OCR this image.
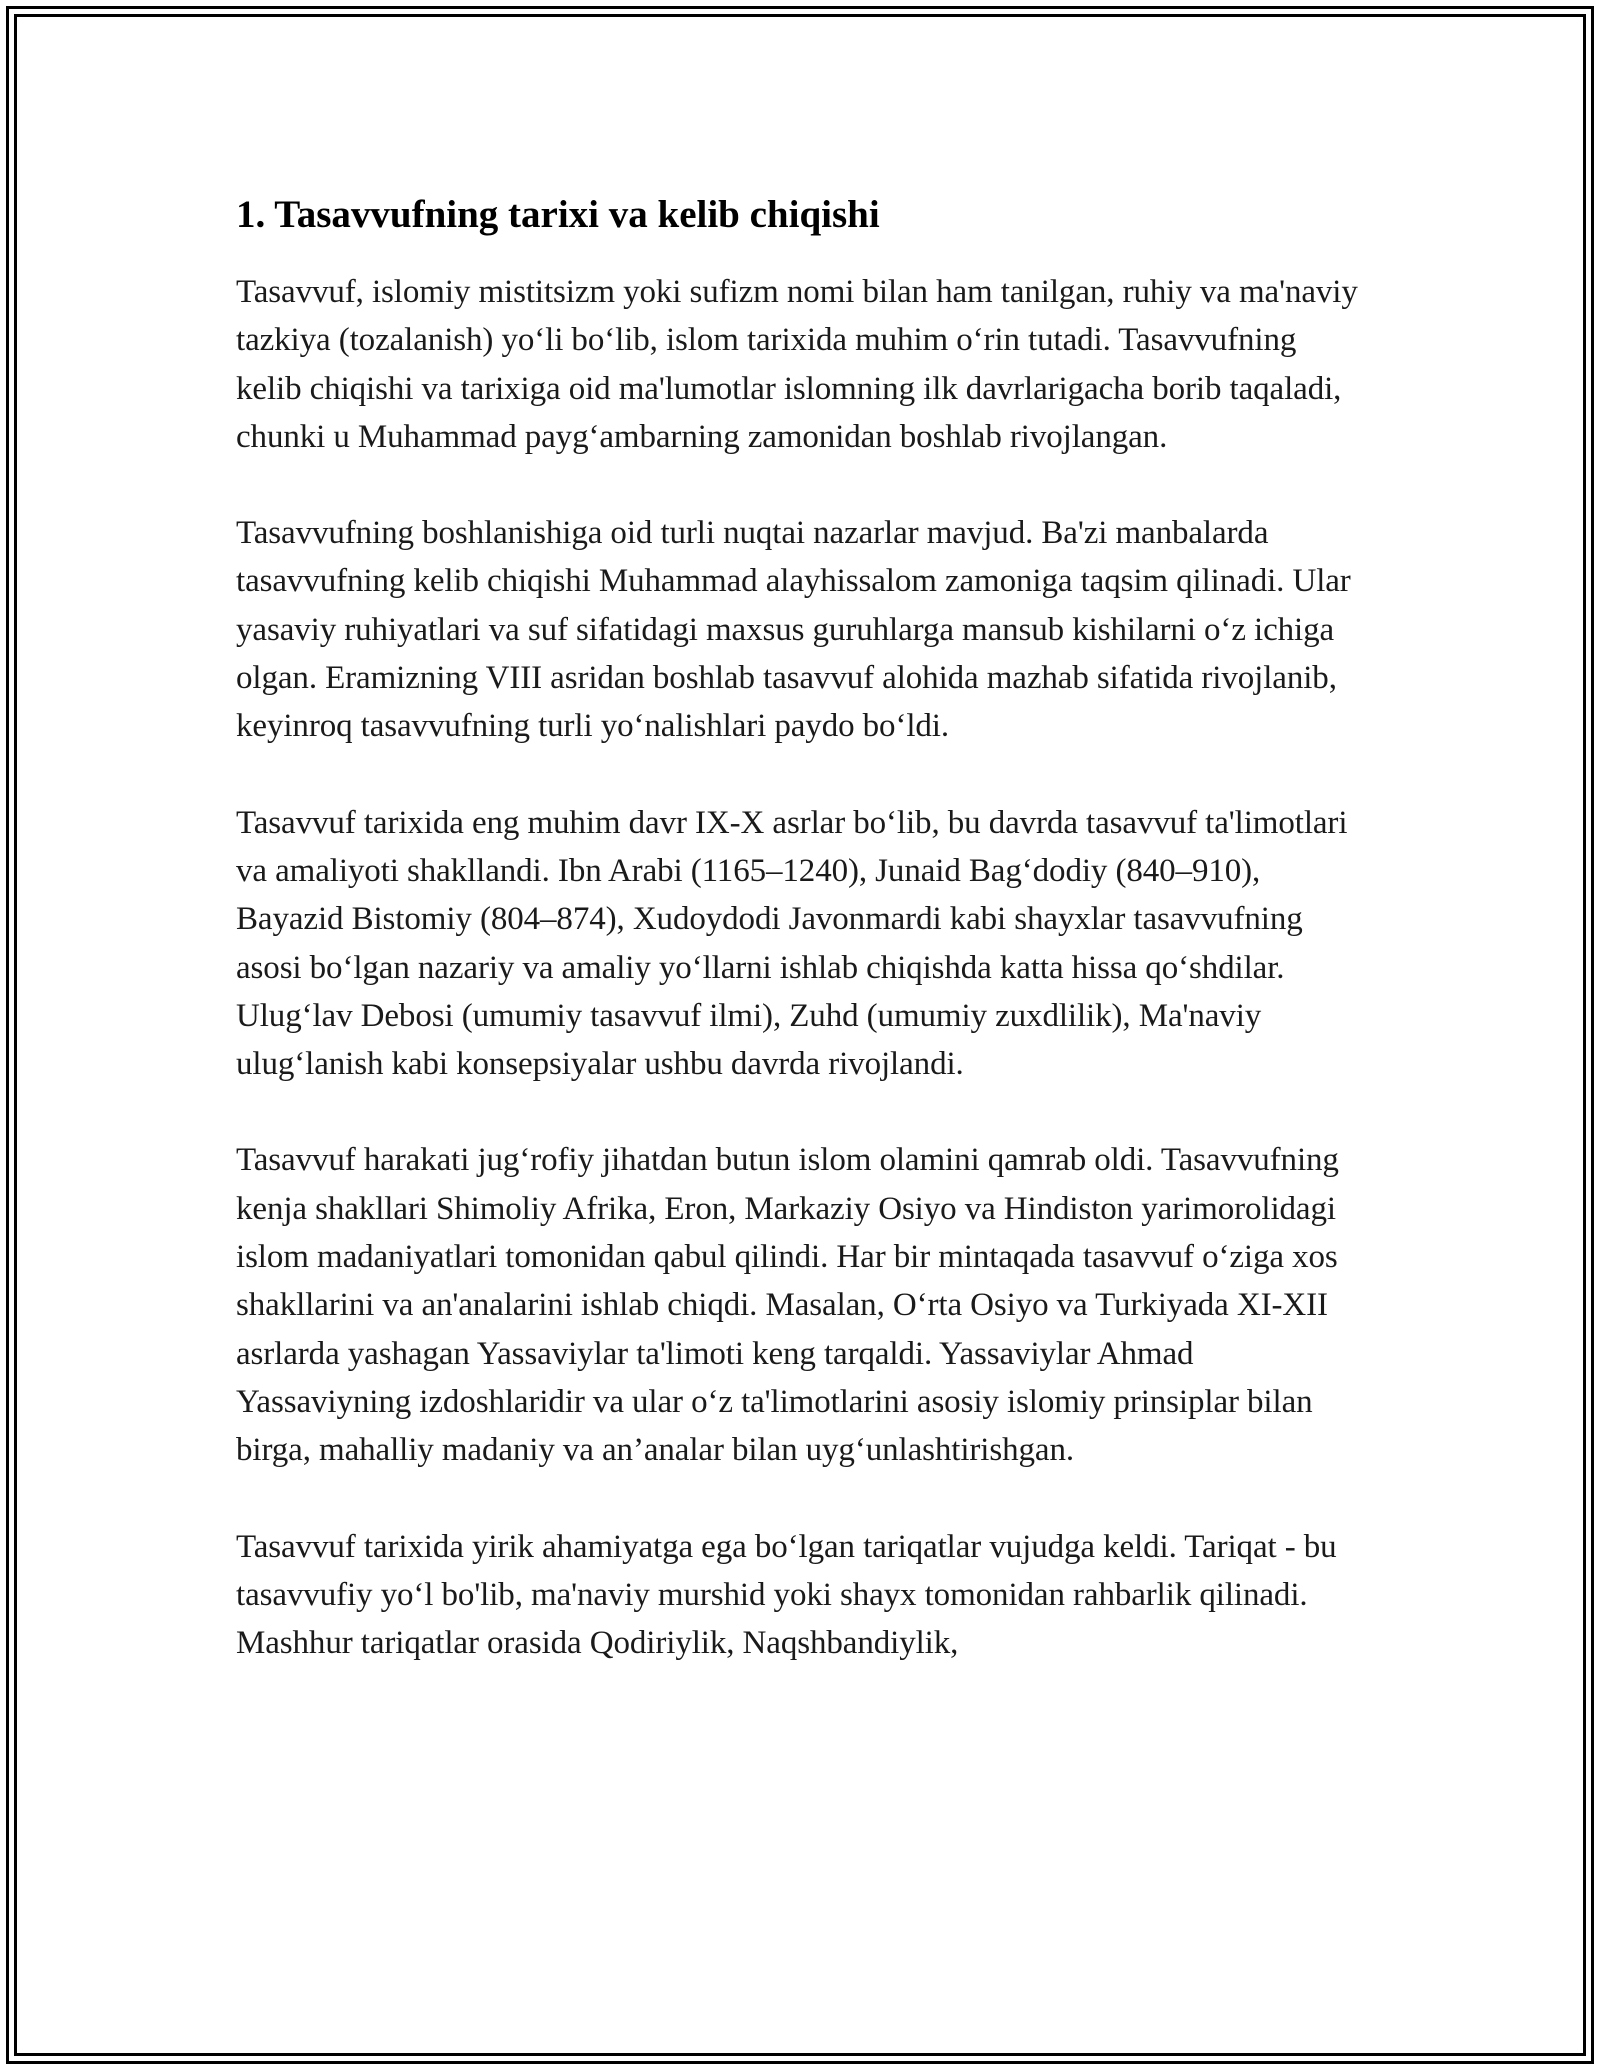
1. Tasavvufning tarixi va kelib chiqishi

Tasavvuf, islomiy mistitsizm yoki sufizm nomi bilan ham tanilgan, ruhiy va ma'naviy tazkiya (tozalanish) yo‘li bo‘lib, islom tarixida muhim o‘rin tutadi. Tasavvufning kelib chiqishi va tarixiga oid ma'lumotlar islomning ilk davrlarigacha borib taqaladi, chunki u Muhammad payg‘ambarning zamonidan boshlab rivojlangan.

Tasavvufning boshlanishiga oid turli nuqtai nazarlar mavjud. Ba'zi manbalarda tasavvufning kelib chiqishi Muhammad alayhissalom zamoniga taqsim qilinadi. Ular yasaviy ruhiyatlari va suf sifatidagi maxsus guruhlarga mansub kishilarni o‘z ichiga olgan. Eramizning VIII asridan boshlab tasavvuf alohida mazhab sifatida rivojlanib, keyinroq tasavvufning turli yo‘nalishlari paydo bo‘ldi.

Tasavvuf tarixida eng muhim davr IX-X asrlar bo‘lib, bu davrda tasavvuf ta'limotlari va amaliyoti shakllandi. Ibn Arabi (1165–1240), Junaid Bag‘dodiy (840–910), Bayazid Bistomiy (804–874), Xudoydodi Javonmardi kabi shayxlar tasavvufning asosi bo‘lgan nazariy va amaliy yo‘llarni ishlab chiqishda katta hissa qo‘shdilar. Ulug‘lav Debosi (umumiy tasavvuf ilmi), Zuhd (umumiy zuxdlilik), Ma'naviy ulug‘lanish kabi konsepsiyalar ushbu davrda rivojlandi.

Tasavvuf harakati jug‘rofiy jihatdan butun islom olamini qamrab oldi. Tasavvufning kenja shakllari Shimoliy Afrika, Eron, Markaziy Osiyo va Hindiston yarimorolidagi islom madaniyatlari tomonidan qabul qilindi. Har bir mintaqada tasavvuf o‘ziga xos shakllarini va an'analarini ishlab chiqdi. Masalan, O‘rta Osiyo va Turkiyada XI-XII asrlarda yashagan Yassaviylar ta'limoti keng tarqaldi. Yassaviylar Ahmad Yassaviyning izdoshlaridir va ular o‘z ta'limotlarini asosiy islomiy prinsiplar bilan birga, mahalliy madaniy va an’analar bilan uyg‘unlashtirishgan.

Tasavvuf tarixida yirik ahamiyatga ega bo‘lgan tariqatlar vujudga keldi. Tariqat - bu tasavvufiy yo‘l bo'lib, ma'naviy murshid yoki shayx tomonidan rahbarlik qilinadi. Mashhur tariqatlar orasida Qodiriylik, Naqshbandiylik,
